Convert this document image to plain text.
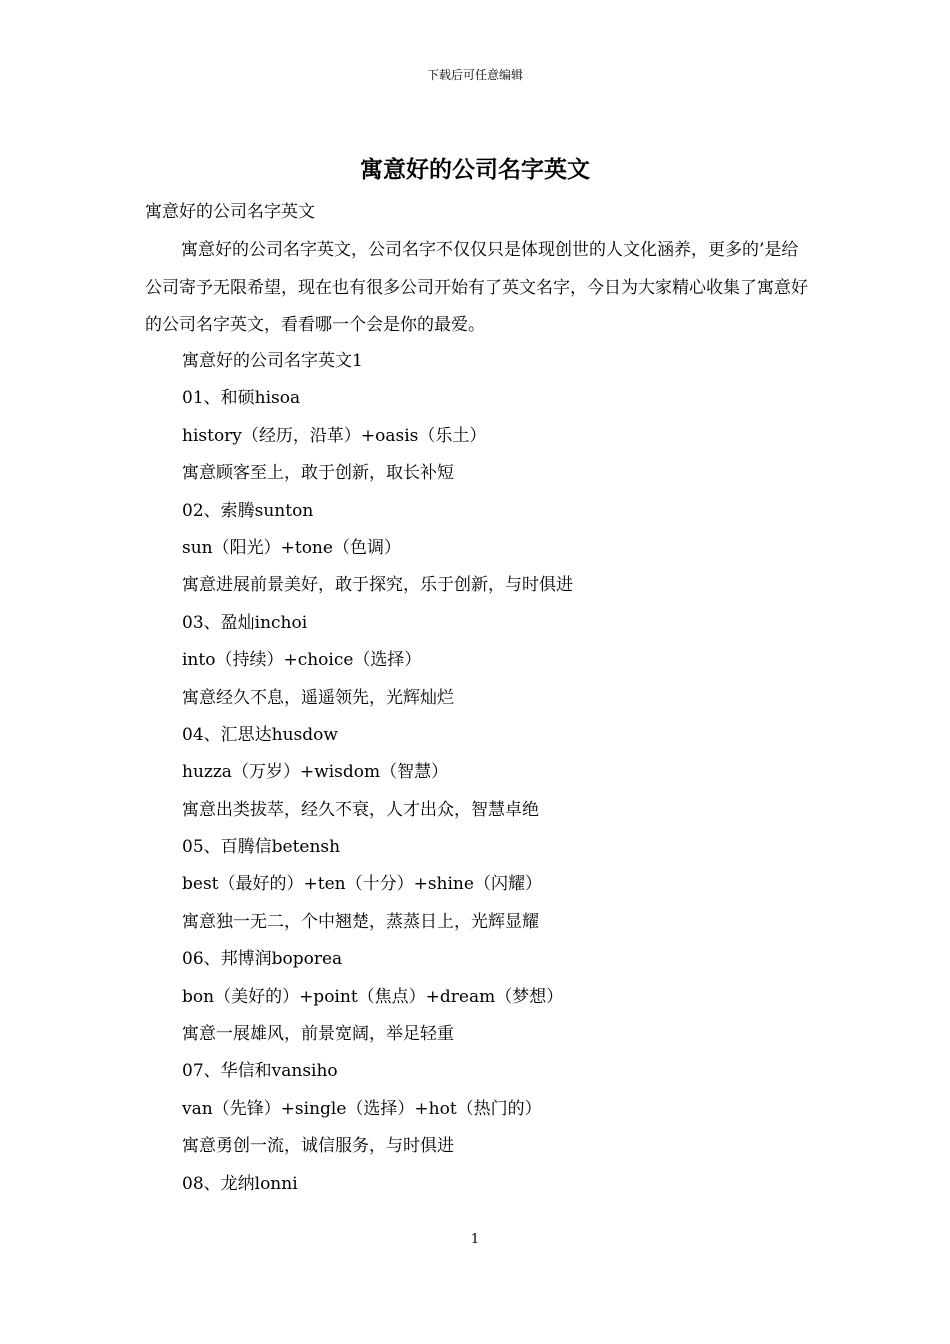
下载后可任意编辑
寓意好的公司名字英文
寓意好的公司名字英文

寓意好的公司名字英文，公司名字不仅仅只是体现创世的人文化涵养，更多的’是给公司寄予无限希望，现在也有很多公司开始有了英文名字，今日为大家精心收集了寓意好的公司名字英文，看看哪一个会是你的最爱。

寓意好的公司名字英文1
01、和硕hisoa
history（经历，沿革）+oasis（乐土）
寓意顾客至上，敢于创新，取长补短
02、索腾sunton
sun（阳光）+tone（色调）
寓意进展前景美好，敢于探究，乐于创新，与时俱进
03、盈灿inchoi
into（持续）+choice（选择）
寓意经久不息，遥遥领先，光辉灿烂
04、汇思达husdow
huzza（万岁）+wisdom（智慧）
寓意出类拔萃，经久不衰，人才出众，智慧卓绝
05、百腾信betensh
best（最好的）+ten（十分）+shine（闪耀）
寓意独一无二，个中翘楚，蒸蒸日上，光辉显耀
06、邦博润boporea
bon（美好的）+point（焦点）+dream（梦想）
寓意一展雄风，前景宽阔，举足轻重
07、华信和vansiho
van（先锋）+single（选择）+hot（热门的）
寓意勇创一流，诚信服务，与时俱进
08、龙纳lonni
1
